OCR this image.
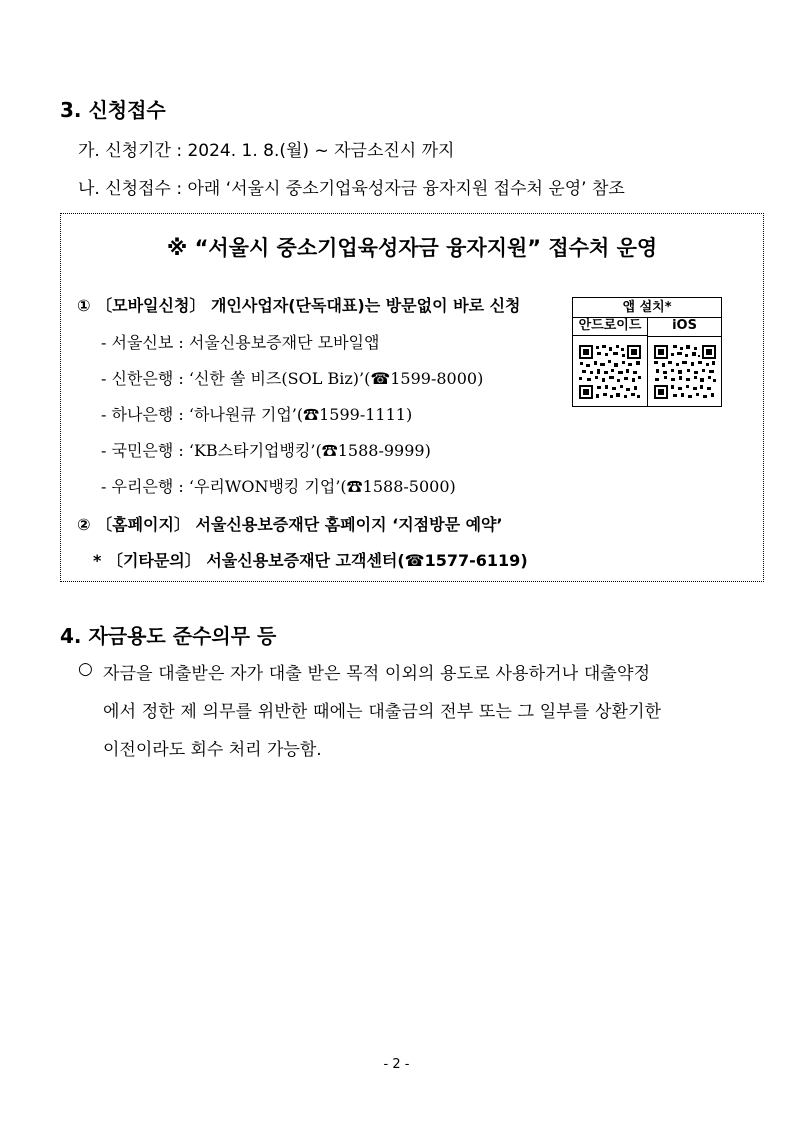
3. 신청접수
가. 신청기간 : 2024. 1. 8.(월) ~ 자금소진시 까지
나. 신청접수 : 아래 ‘서울시 중소기업육성자금 융자지원 접수처 운영’ 참조
※ “서울시 중소기업육성자금 융자지원” 접수처 운영
① 〔모바일신청〕 개인사업자(단독대표)는 방문없이 바로 신청
- 서울신보 : 서울신용보증재단 모바일앱
- 신한은행 : ‘신한 쏠 비즈(SOL Biz)’(☎1599-8000)
- 하나은행 : ‘하나원큐 기업’(☎1599-1111)
- 국민은행 : ‘KB스타기업뱅킹’(☎1588-9999)
- 우리은행 : ‘우리WON뱅킹 기업’(☎1588-5000)
② 〔홈페이지〕 서울신용보증재단 홈페이지 ‘지점방문 예약’
* 〔기타문의〕 서울신용보증재단 고객센터(☎1577-6119)
앱 설치*
안드로이드	iOS
4. 자금용도 준수의무 등
○ 자금을 대출받은 자가 대출 받은 목적 이외의 용도로 사용하거나 대출약정
에서 정한 제 의무를 위반한 때에는 대출금의 전부 또는 그 일부를 상환기한
이전이라도 회수 처리 가능함.
- 2 -
